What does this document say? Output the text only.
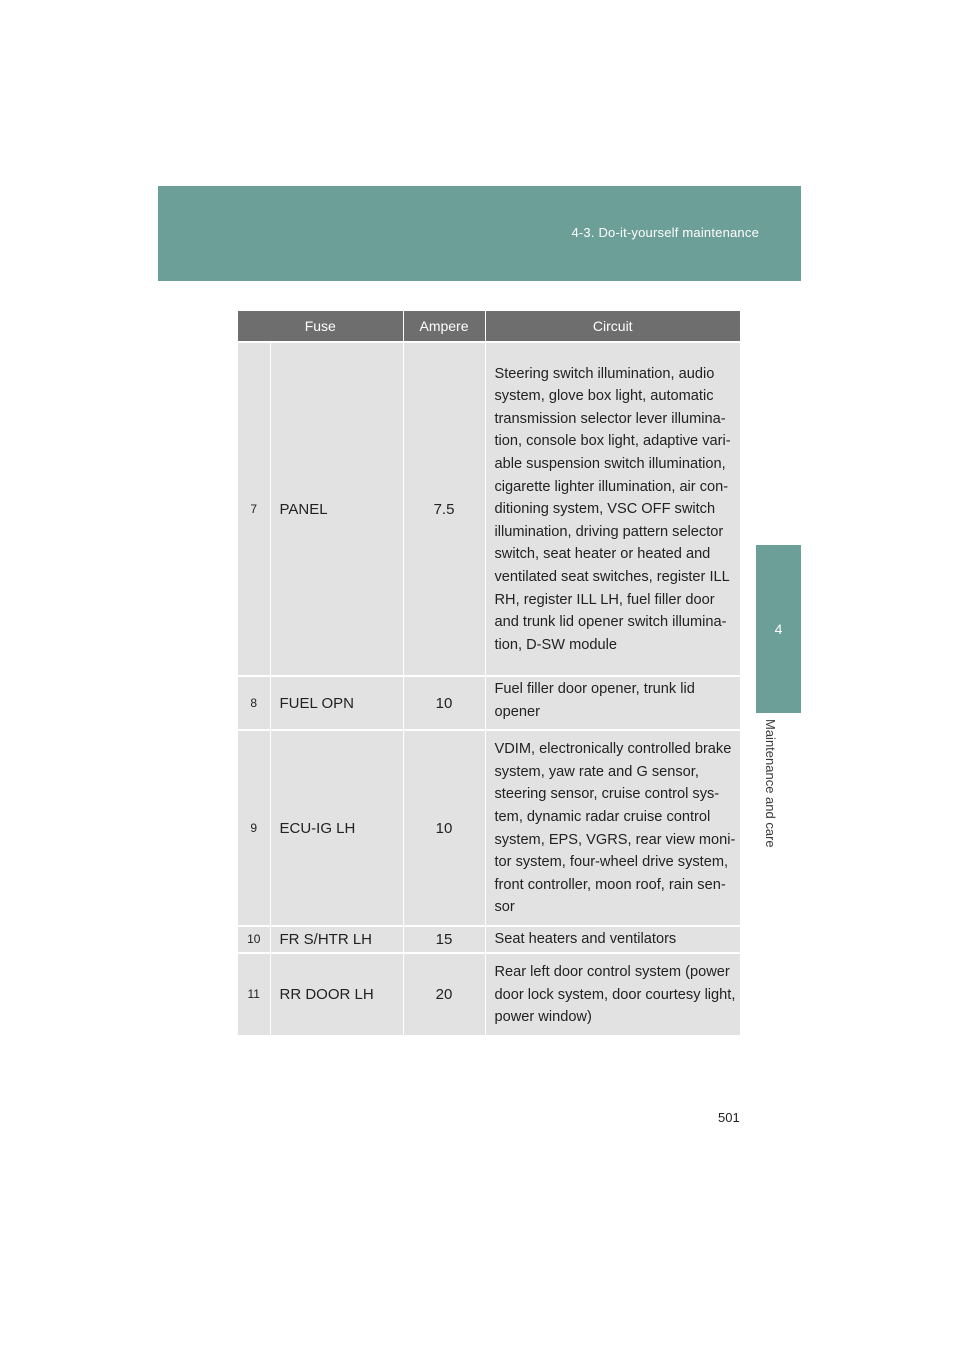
4-3. Do-it-yourself maintenance
4
Maintenance and care
Fuse		Ampere	Circuit
7	PANEL	7.5	Steering switch illumination, audio system, glove box light, automatic transmission selector lever illumina-tion, console box light, adaptive vari-able suspension switch illumination, cigarette lighter illumination, air con-ditioning system, VSC OFF switch illumination, driving pattern selector switch, seat heater or heated and ventilated seat switches, register ILL RH, register ILL LH, fuel filler door and trunk lid opener switch illumina-tion, D-SW module

8	FUEL OPN	10	Fuel filler door opener, trunk lid opener

9	ECU-IG LH	10	VDIM, electronically controlled brake system, yaw rate and G sensor, steering sensor, cruise control sys-tem, dynamic radar cruise control system, EPS, VGRS, rear view moni-tor system, four-wheel drive system, front controller, moon roof, rain sen-sor

10	FR S/HTR LH	15	Seat heaters and ventilators
11	RR DOOR LH	20	Rear left door control system (power door lock system, door courtesy light, power window)
501
